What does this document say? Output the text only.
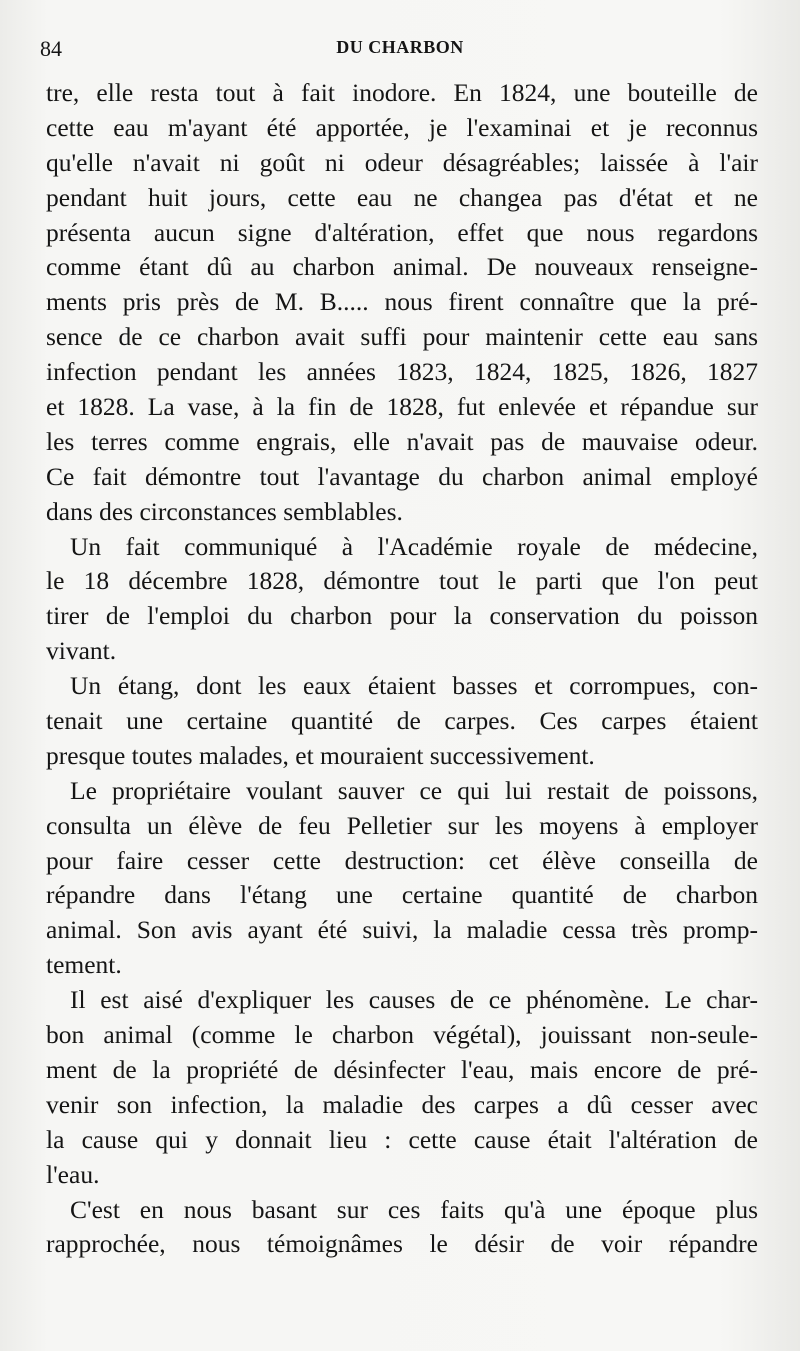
84	DU CHARBON
tre, elle resta tout à fait inodore. En 1824, une bouteille de
cette eau m'ayant été apportée, je l'examinai et je reconnus
qu'elle n'avait ni goût ni odeur désagréables; laissée à l'air
pendant huit jours, cette eau ne changea pas d'état et ne
présenta aucun signe d'altération, effet que nous regardons
comme étant dû au charbon animal. De nouveaux renseigne-
ments pris près de M. B..... nous firent connaître que la pré-
sence de ce charbon avait suffi pour maintenir cette eau sans
infection pendant les années 1823, 1824, 1825, 1826, 1827
et 1828. La vase, à la fin de 1828, fut enlevée et répandue sur
les terres comme engrais, elle n'avait pas de mauvaise odeur.
Ce fait démontre tout l'avantage du charbon animal employé
dans des circonstances semblables.
Un fait communiqué à l'Académie royale de médecine,
le 18 décembre 1828, démontre tout le parti que l'on peut
tirer de l'emploi du charbon pour la conservation du poisson
vivant.
Un étang, dont les eaux étaient basses et corrompues, con-
tenait une certaine quantité de carpes. Ces carpes étaient
presque toutes malades, et mouraient successivement.
Le propriétaire voulant sauver ce qui lui restait de poissons,
consulta un élève de feu Pelletier sur les moyens à employer
pour faire cesser cette destruction: cet élève conseilla de
répandre dans l'étang une certaine quantité de charbon
animal. Son avis ayant été suivi, la maladie cessa très promp-
tement.
Il est aisé d'expliquer les causes de ce phénomène. Le char-
bon animal (comme le charbon végétal), jouissant non-seule-
ment de la propriété de désinfecter l'eau, mais encore de pré-
venir son infection, la maladie des carpes a dû cesser avec
la cause qui y donnait lieu : cette cause était l'altération de
l'eau.
C'est en nous basant sur ces faits qu'à une époque plus
rapprochée, nous témoignâmes le désir de voir répandre
